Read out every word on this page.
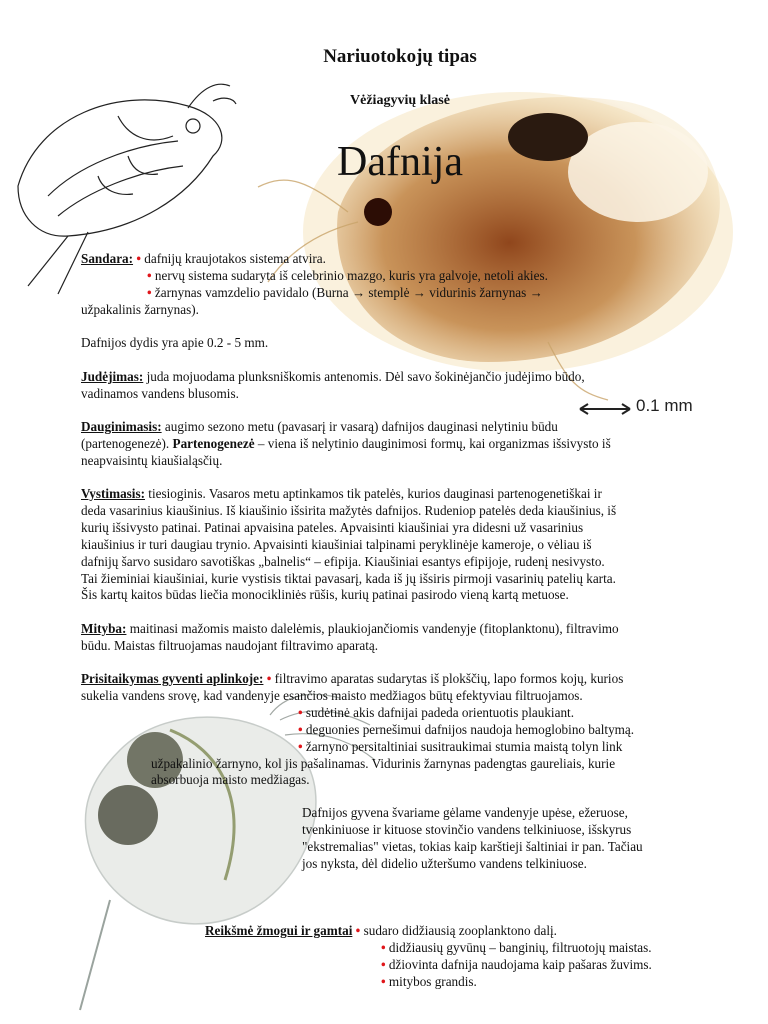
0.1 mm
Nariuotokojų tipas
Vėžiagyvių klasė
Dafnija
Sandara: • dafnijų kraujotakos sistema atvira.
• nervų sistema sudaryta iš celebrinio mazgo, kuris yra galvoje, netoli akies.
• žarnynas vamzdelio pavidalo (Burna → stemplė → vidurinis žarnynas →
užpakalinis žarnynas).
Dafnijos dydis yra apie 0.2 - 5 mm.
Judėjimas: juda mojuodama plunksniškomis antenomis. Dėl savo šokinėjančio judėjimo būdo,
vadinamos vandens blusomis.
Dauginimasis: augimo sezono metu (pavasarį ir vasarą) dafnijos dauginasi nelytiniu būdu
(partenogenezė). Partenogenezė – viena iš nelytinio dauginimosi formų, kai organizmas išsivysto iš
neapvaisintų kiaušialąsčių.
Vystimasis: tiesioginis. Vasaros metu aptinkamos tik patelės, kurios dauginasi partenogenetiškai ir
deda vasarinius kiaušinius. Iš kiaušinio išsirita mažytės dafnijos. Rudeniop patelės deda kiaušinius, iš
kurių išsivysto patinai. Patinai apvaisina pateles. Apvaisinti kiaušiniai yra didesni už vasarinius
kiaušinius ir turi daugiau trynio. Apvaisinti kiaušiniai talpinami peryklinėje kameroje, o vėliau iš
dafnijų šarvo susidaro savotiškas „balnelis“ – efipija. Kiaušiniai esantys efipijoje, rudenį nesivysto.
Tai žieminiai kiaušiniai, kurie vystisis tiktai pavasarį, kada iš jų išsiris pirmoji vasarinių patelių karta.
Šis kartų kaitos būdas liečia monocikliniės rūšis, kurių patinai pasirodo vieną kartą metuose.
Mityba: maitinasi mažomis maisto dalelėmis, plaukiojančiomis vandenyje (fitoplanktonu), filtravimo
būdu. Maistas filtruojamas naudojant filtravimo aparatą.
Prisitaikymas gyventi aplinkoje: • filtravimo aparatas sudarytas iš plokščių, lapo formos kojų, kurios
sukelia vandens srovę, kad vandenyje esančios maisto medžiagos būtų efektyviau filtruojamos.
• sudėtinė akis dafnijai padeda orientuotis plaukiant.
• deguonies pernešimui dafnijos naudoja hemoglobino baltymą.
• žarnyno persitaltiniai susitraukimai stumia maistą tolyn link
užpakalinio žarnyno, kol jis pašalinamas. Vidurinis žarnynas padengtas gaureliais, kurie
absorbuoja maisto medžiagas.
Dafnijos gyvena švariame gėlame vandenyje upėse, ežeruose,
tvenkiniuose ir kituose stovinčio vandens telkiniuose, išskyrus
"ekstremalias" vietas, tokias kaip karštieji šaltiniai ir pan. Tačiau
jos nyksta, dėl didelio užteršumo vandens telkiniuose.
Reikšmė žmogui ir gamtai • sudaro didžiausią zooplanktono dalį.
• didžiausių gyvūnų – banginių, filtruotojų maistas.
• džiovinta dafnija naudojama kaip pašaras žuvims.
• mitybos grandis.
